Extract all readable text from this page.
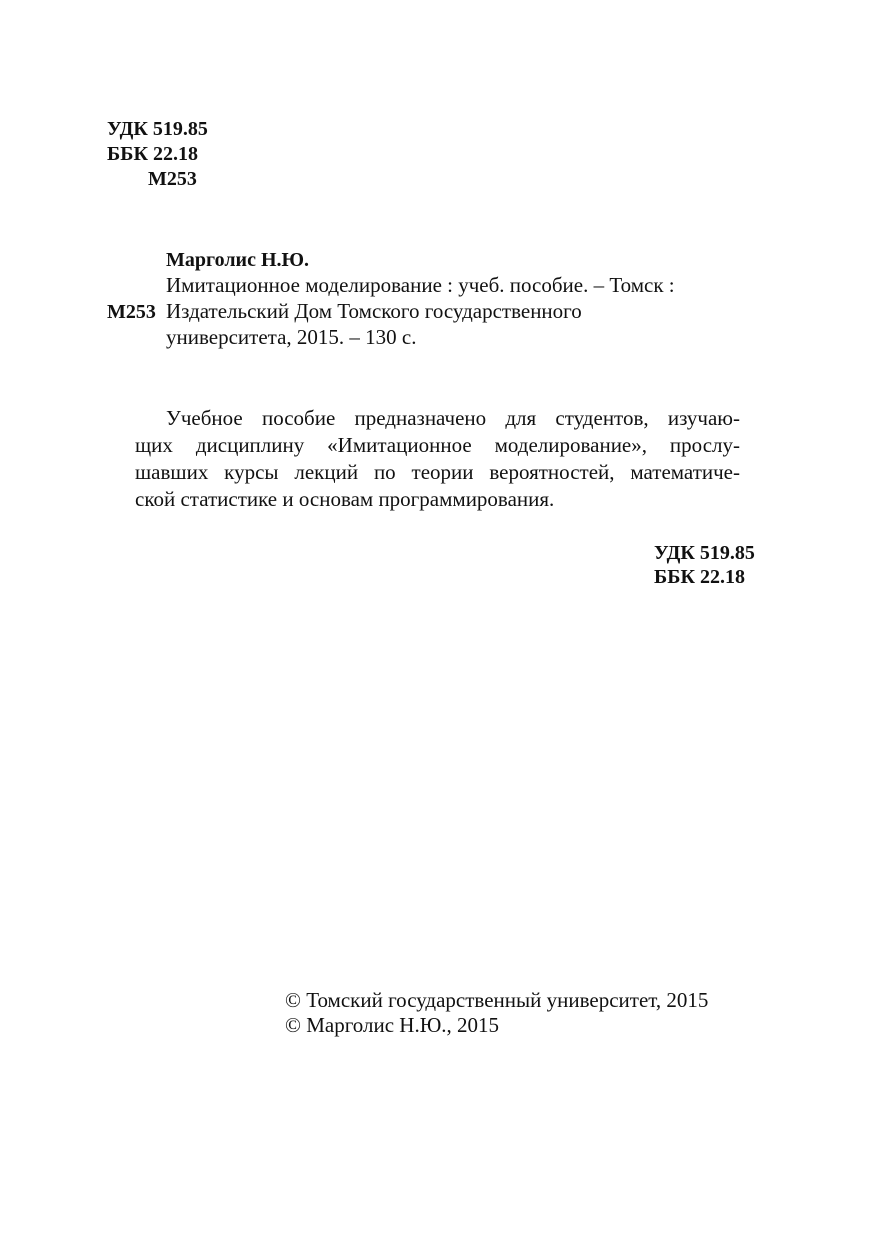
УДК 519.85
ББК 22.18
М253
Марголис Н.Ю.
Имитационное моделирование : учеб. пособие. – Томск :
М253 Издательский Дом Томского государственного
университета, 2015. – 130 с.
Учебное пособие предназначено для студентов, изучаю-
щих дисциплину «Имитационное моделирование», прослу-
шавших курсы лекций по теории вероятностей, математиче-
ской статистике и основам программирования.
УДК 519.85
ББК 22.18
© Томский государственный университет, 2015
© Марголис Н.Ю., 2015
